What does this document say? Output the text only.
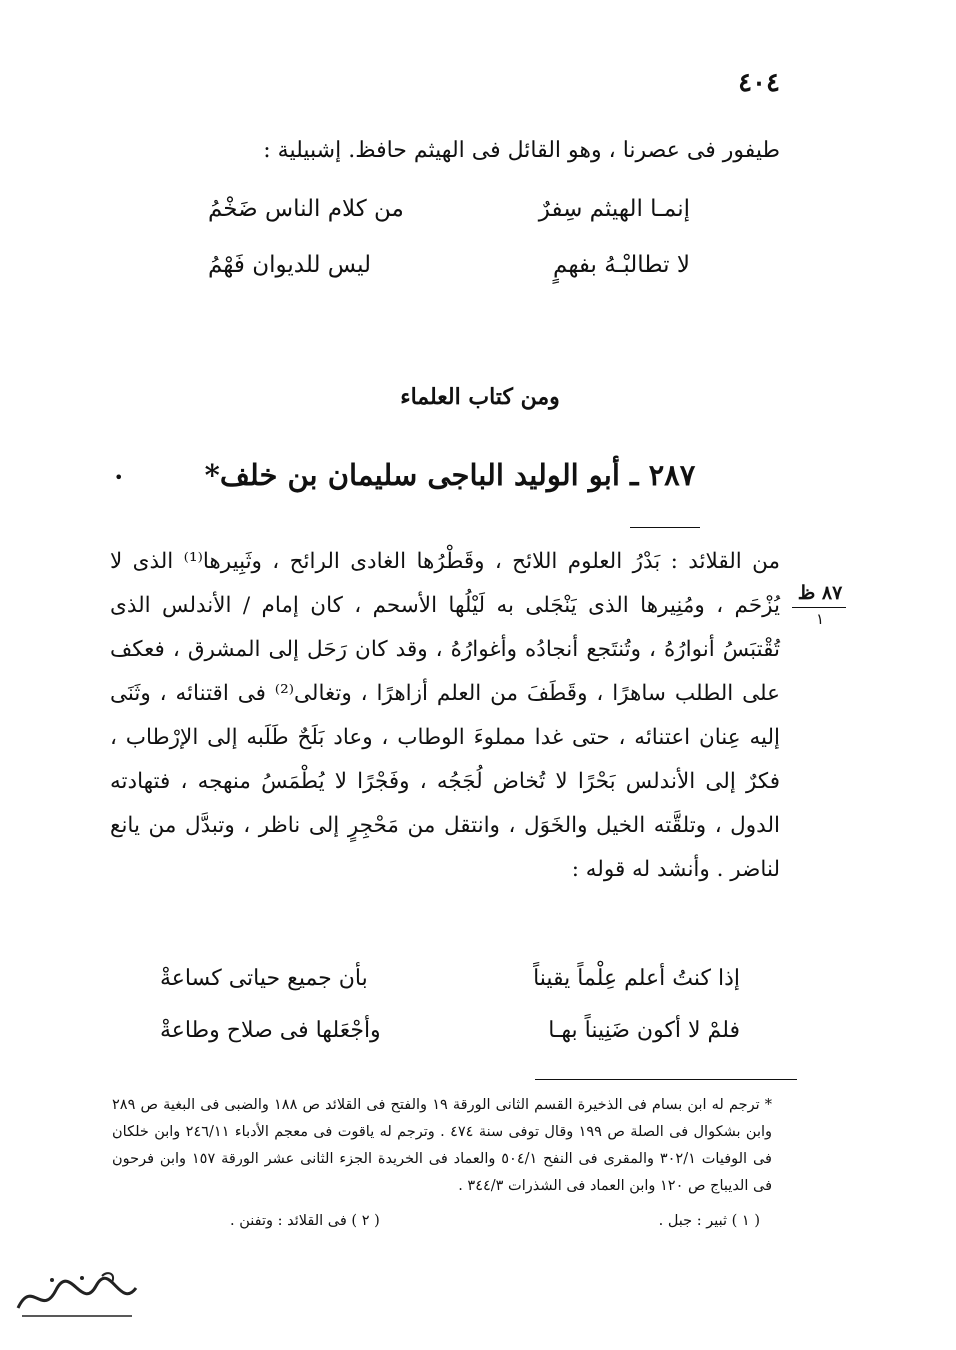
٤٠٤
طيفور فى عصرنا ، وهو القائل فى الهيثم حافظ. إشبيلية :
إنمـا الهيثم سِفرٌ
من كلام الناس ضَخْمُ
لا تطالبْـهُ بفهمٍ
ليس للديوان فَهْمُ
ومن كتاب العلماء
٢٨٧ ـ أبو الوليد الباجى سليمان بن خلف*
•
٨٧ ظ
١
من القلائد : بَدْرُ العلوم اللائح ، وقَطْرُها الغادى الرائح ، وثَبِيرها⁽¹⁾ الذى لا يُزْحَم ، ومُنِيرها الذى يَنْجَلى به لَيْلُها الأسحم ، كان إمام / الأندلس الذى تُقْتبَسُ أنوارُهُ ، وتُنتَجع أنجادُه وأغوارُهُ ، وقد كان رَحَل إلى المشرق ، فعكف على الطلب ساهرًا ، وقَطَفَ من العلم أزاهرًا ، وتغالى⁽²⁾ فى اقتنائه ، وثَنَى إليه عِنان اعتنائه ، حتى غدا مملوءَ الوطاب ، وعاد بَلَحٌ طَلَبه إلى الإرْطاب ، فكرٌ إلى الأندلس بَحْرًا لا تُخاض لُجَجُه ، وفَجْرًا لا يُطْمَسُ منهجه ، فتهادته الدول ، وتلقَّته الخيل والخَوَل ، وانتقل من مَحْجِرٍ إلى ناظر ، وتبدَّل من يانع لناضر . وأنشد له قوله :
إذا كنتُ أعلم عِلْماً يقيناً
بأن جميع حياتى كساعةْ
فلمْ لا أكون ضَنِيناً بهـا
وأجْعَلها فى صلاح وطاعةْ
* ترجم له ابن بسام فى الذخيرة القسم الثانى الورقة ١٩ والفتح فى القلائد ص ١٨٨ والضبى فى البغية ص ٢٨٩ وابن بشكوال فى الصلة ص ١٩٩ وقال توفى سنة ٤٧٤ . وترجم له ياقوت فى معجم الأدباء ٢٤٦/١١ وابن خلكان فى الوفيات ٣٠٢/١ والمقرى فى النفح ٥٠٤/١ والعماد فى الخريدة الجزء الثانى عشر الورقة ١٥٧ وابن فرحون فى الديباج ص ١٢٠ وابن العماد فى الشذرات ٣٤٤/٣ .
( ١ ) ثبير : جبل .
( ٢ ) فى القلائد : وتفنن .
